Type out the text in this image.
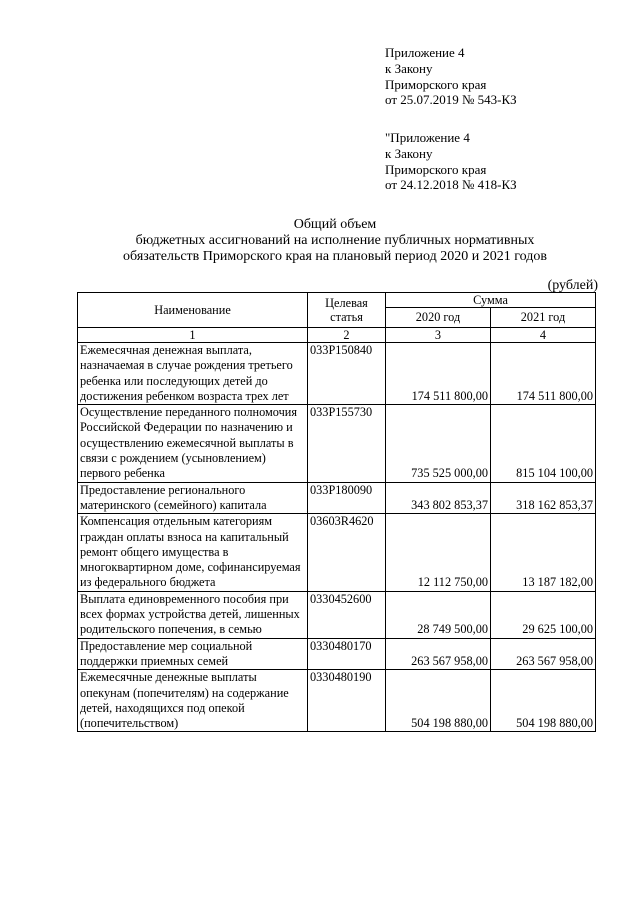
Приложение 4
к Закону
Приморского края
от 25.07.2019 № 543-КЗ
"Приложение 4
к Закону
Приморского края
от 24.12.2018 № 418-КЗ
Общий объем
бюджетных ассигнований на исполнение публичных нормативных
обязательств Приморского края на плановый период 2020 и 2021 годов
(рублей)
Наименование	Целевая статья	Сумма	
		2020 год	2021 год
1	2	3	4
Ежемесячная денежная выплата, назначаемая в случае рождения третьего ребенка или последующих детей до достижения ребенком возраста трех лет	033P150840	174 511 800,00	174 511 800,00
Осуществление переданного полномочия Российской Федерации по назначению и осуществлению ежемесячной выплаты в связи с рождением (усыновлением) первого ребенка	033P155730	735 525 000,00	815 104 100,00
Предоставление регионального материнского (семейного) капитала	033P180090	343 802 853,37	318 162 853,37
Компенсация отдельным категориям граждан оплаты взноса на капитальный ремонт общего имущества в многоквартирном доме, софинансируемая из федерального бюджета	03603R4620	12 112 750,00	13 187 182,00
Выплата единовременного пособия при всех формах устройства детей, лишенных родительского попечения, в семью	0330452600	28 749 500,00	29 625 100,00
Предоставление мер социальной поддержки приемных семей	0330480170	263 567 958,00	263 567 958,00
Ежемесячные денежные выплаты опекунам (попечителям) на содержание детей, находящихся под опекой (попечительством)	0330480190	504 198 880,00	504 198 880,00
